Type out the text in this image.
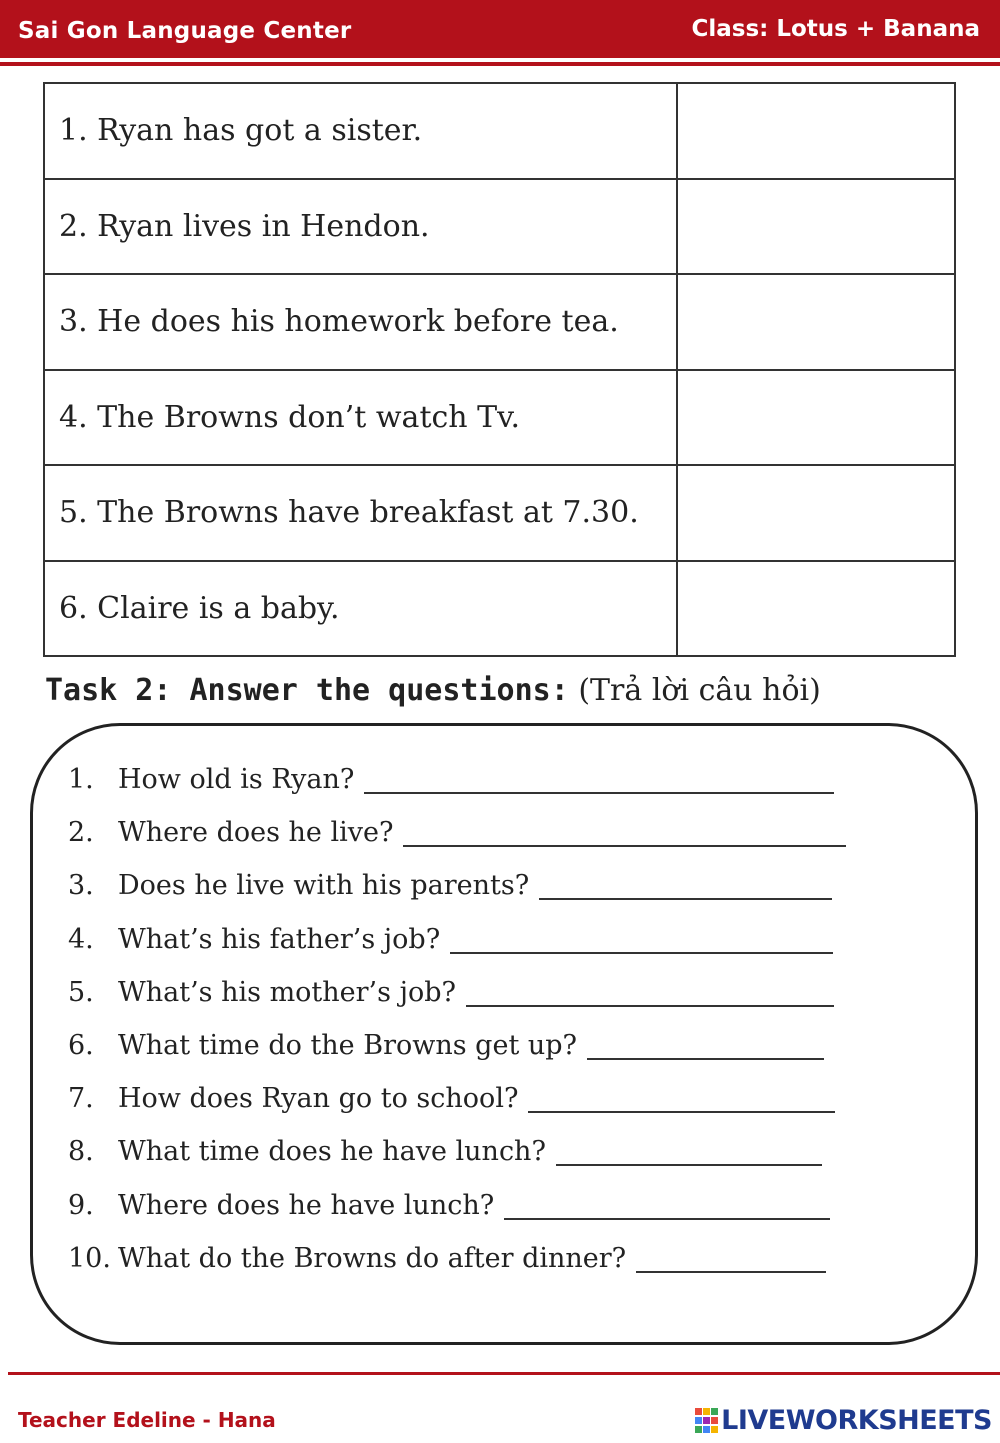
Sai Gon Language Center	Class: Lotus + Banana
1. Ryan has got a sister.	
2. Ryan lives in Hendon.	
3. He does his homework before tea.	
4. The Browns don’t watch Tv.	
5. The Browns have breakfast at 7.30.	
6. Claire is a baby.	
Task 2: Answer the questions: (Trả lời câu hỏi)
1. How old is Ryan?
2. Where does he live?
3. Does he live with his parents?
4. What’s his father’s job?
5. What’s his mother’s job?
6. What time do the Browns get up?
7. How does Ryan go to school?
8. What time does he have lunch?
9. Where does he have lunch?
10. What do the Browns do after dinner?
Teacher Edeline - Hana	LIVEWORKSHEETS
